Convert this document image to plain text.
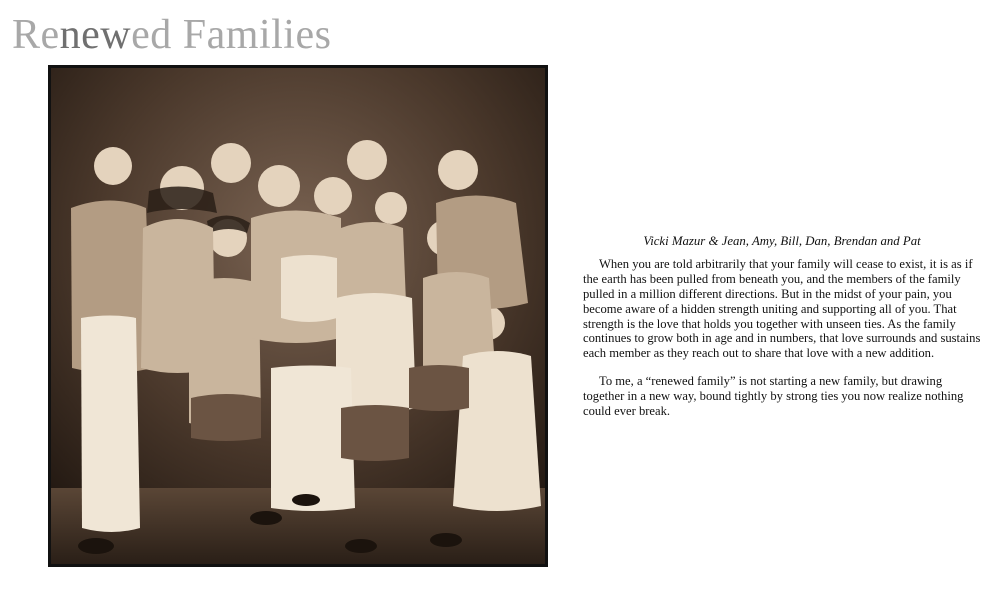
Renewed Families

Vicki Mazur & Jean, Amy, Bill, Dan, Brendan and Pat

When you are told arbitrarily that your family will cease to exist, it is as if the earth has been pulled from beneath you, and the members of the family pulled in a million different directions. But in the midst of your pain, you become aware of a hidden strength uniting and supporting all of you. That strength is the love that holds you together with unseen ties. As the family continues to grow both in age and in numbers, that love surrounds and sustains each member as they reach out to share that love with a new addition.

To me, a “renewed family” is not starting a new family, but drawing together in a new way, bound tightly by strong ties you now realize nothing could ever break.
